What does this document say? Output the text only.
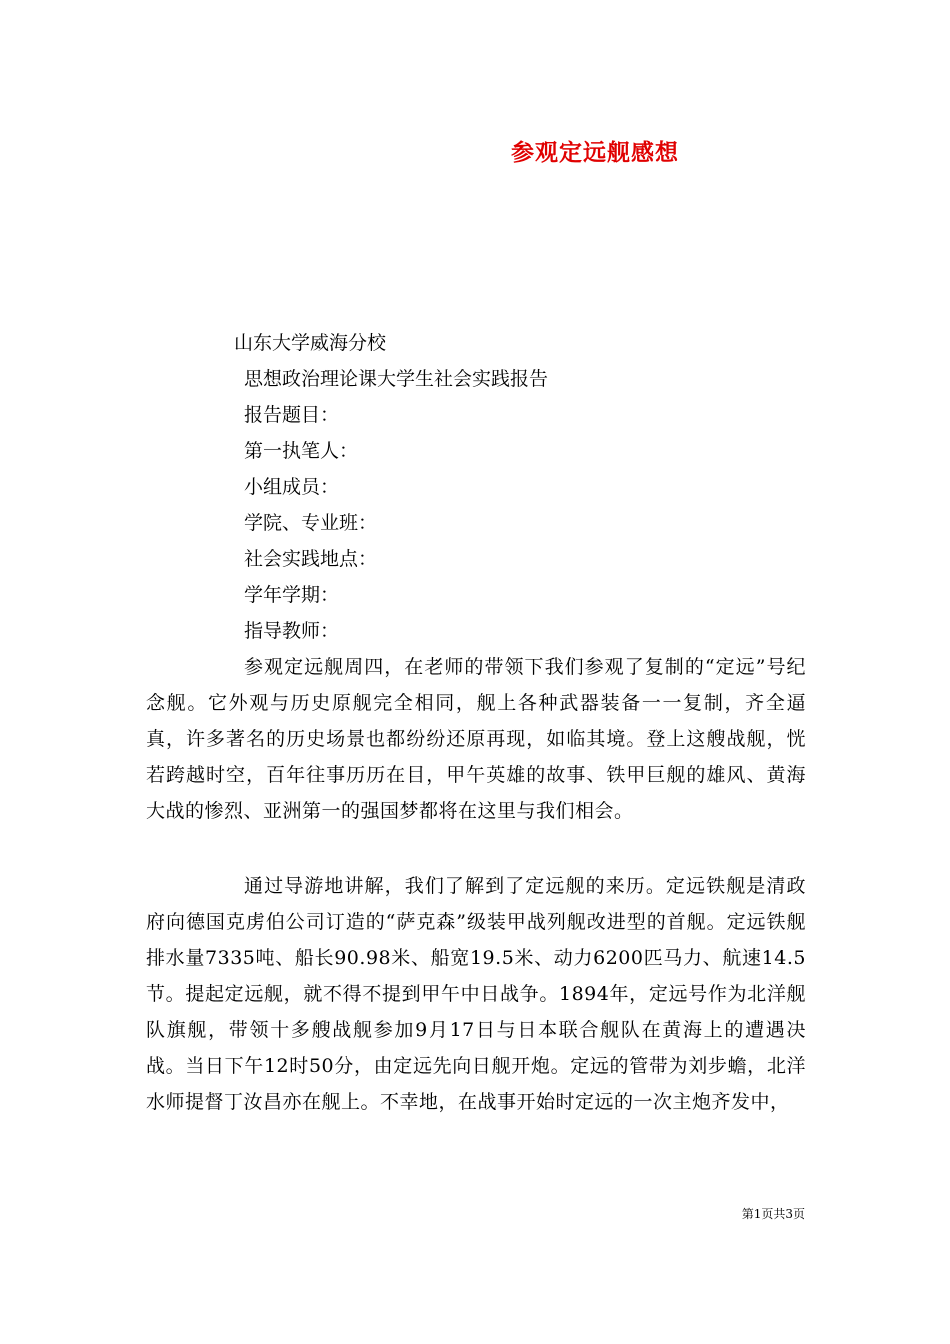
参观定远舰感想
山东大学威海分校
思想政治理论课大学生社会实践报告
报告题目：
第一执笔人：
小组成员：
学院、专业班：
社会实践地点：
学年学期：
指导教师：
参观定远舰周四，在老师的带领下我们参观了复制的“定远”号纪念舰。它外观与历史原舰完全相同，舰上各种武器装备一一复制，齐全逼真，许多著名的历史场景也都纷纷还原再现，如临其境。登上这艘战舰，恍若跨越时空，百年往事历历在目，甲午英雄的故事、铁甲巨舰的雄风、黄海大战的惨烈、亚洲第一的强国梦都将在这里与我们相会。
通过导游地讲解，我们了解到了定远舰的来历。定远铁舰是清政府向德国克虏伯公司订造的“萨克森”级装甲战列舰改进型的首舰。定远铁舰排水量7335吨、船长90.98米、船宽19.5米、动力6200匹马力、航速14.5节。提起定远舰，就不得不提到甲午中日战争。1894年，定远号作为北洋舰队旗舰，带领十多艘战舰参加9月17日与日本联合舰队在黄海上的遭遇决战。当日下午12时50分，由定远先向日舰开炮。定远的管带为刘步蟾，北洋水师提督丁汝昌亦在舰上。不幸地，在战事开始时定远的一次主炮齐发中，
第1页共3页
